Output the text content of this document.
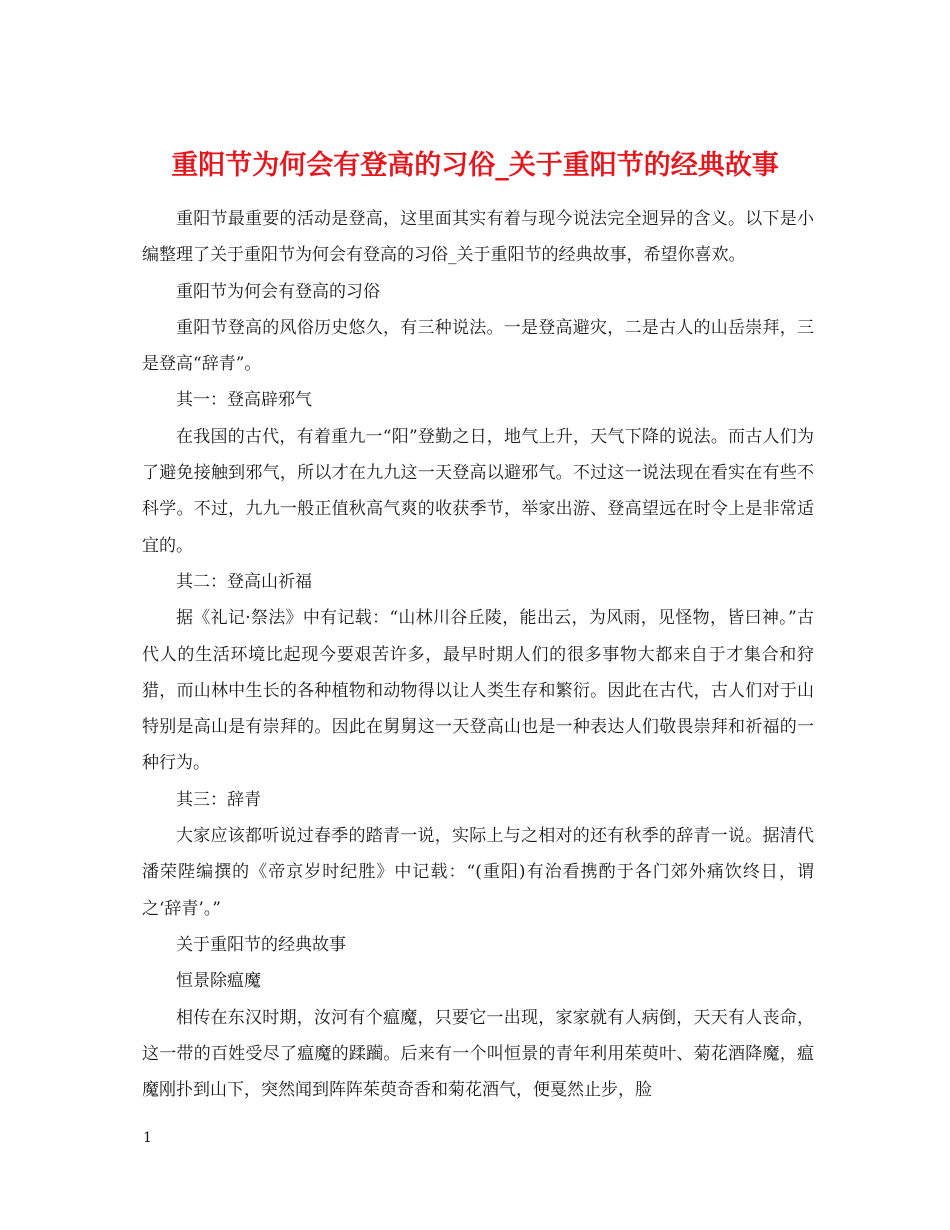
重阳节为何会有登高的习俗_关于重阳节的经典故事

重阳节最重要的活动是登高，这里面其实有着与现今说法完全迥异的含义。以下是小编整理了关于重阳节为何会有登高的习俗_关于重阳节的经典故事，希望你喜欢。

重阳节为何会有登高的习俗

重阳节登高的风俗历史悠久，有三种说法。一是登高避灾，二是古人的山岳崇拜，三是登高“辞青”。

其一：登高辟邪气

在我国的古代，有着重九一“阳”登勤之日，地气上升，天气下降的说法。而古人们为了避免接触到邪气，所以才在九九这一天登高以避邪气。不过这一说法现在看实在有些不科学。不过，九九一般正值秋高气爽的收获季节，举家出游、登高望远在时令上是非常适宜的。

其二：登高山祈福

据《礼记·祭法》中有记载：“山林川谷丘陵，能出云，为风雨，见怪物，皆曰神。”古代人的生活环境比起现今要艰苦许多，最早时期人们的很多事物大都来自于才集合和狩猎，而山林中生长的各种植物和动物得以让人类生存和繁衍。因此在古代，古人们对于山特别是高山是有崇拜的。因此在舅舅这一天登高山也是一种表达人们敬畏崇拜和祈福的一种行为。

其三：辞青

大家应该都听说过春季的踏青一说，实际上与之相对的还有秋季的辞青一说。据清代潘荣陛编撰的《帝京岁时纪胜》中记载：“(重阳)有治看携酌于各门郊外痛饮终日，谓之‘辞青’。”

关于重阳节的经典故事

恒景除瘟魔

相传在东汉时期，汝河有个瘟魔，只要它一出现，家家就有人病倒，天天有人丧命，这一带的百姓受尽了瘟魔的蹂躏。后来有一个叫恒景的青年利用茱萸叶、菊花酒降魔，瘟魔刚扑到山下，突然闻到阵阵茱萸奇香和菊花酒气，便戛然止步，脸

1
